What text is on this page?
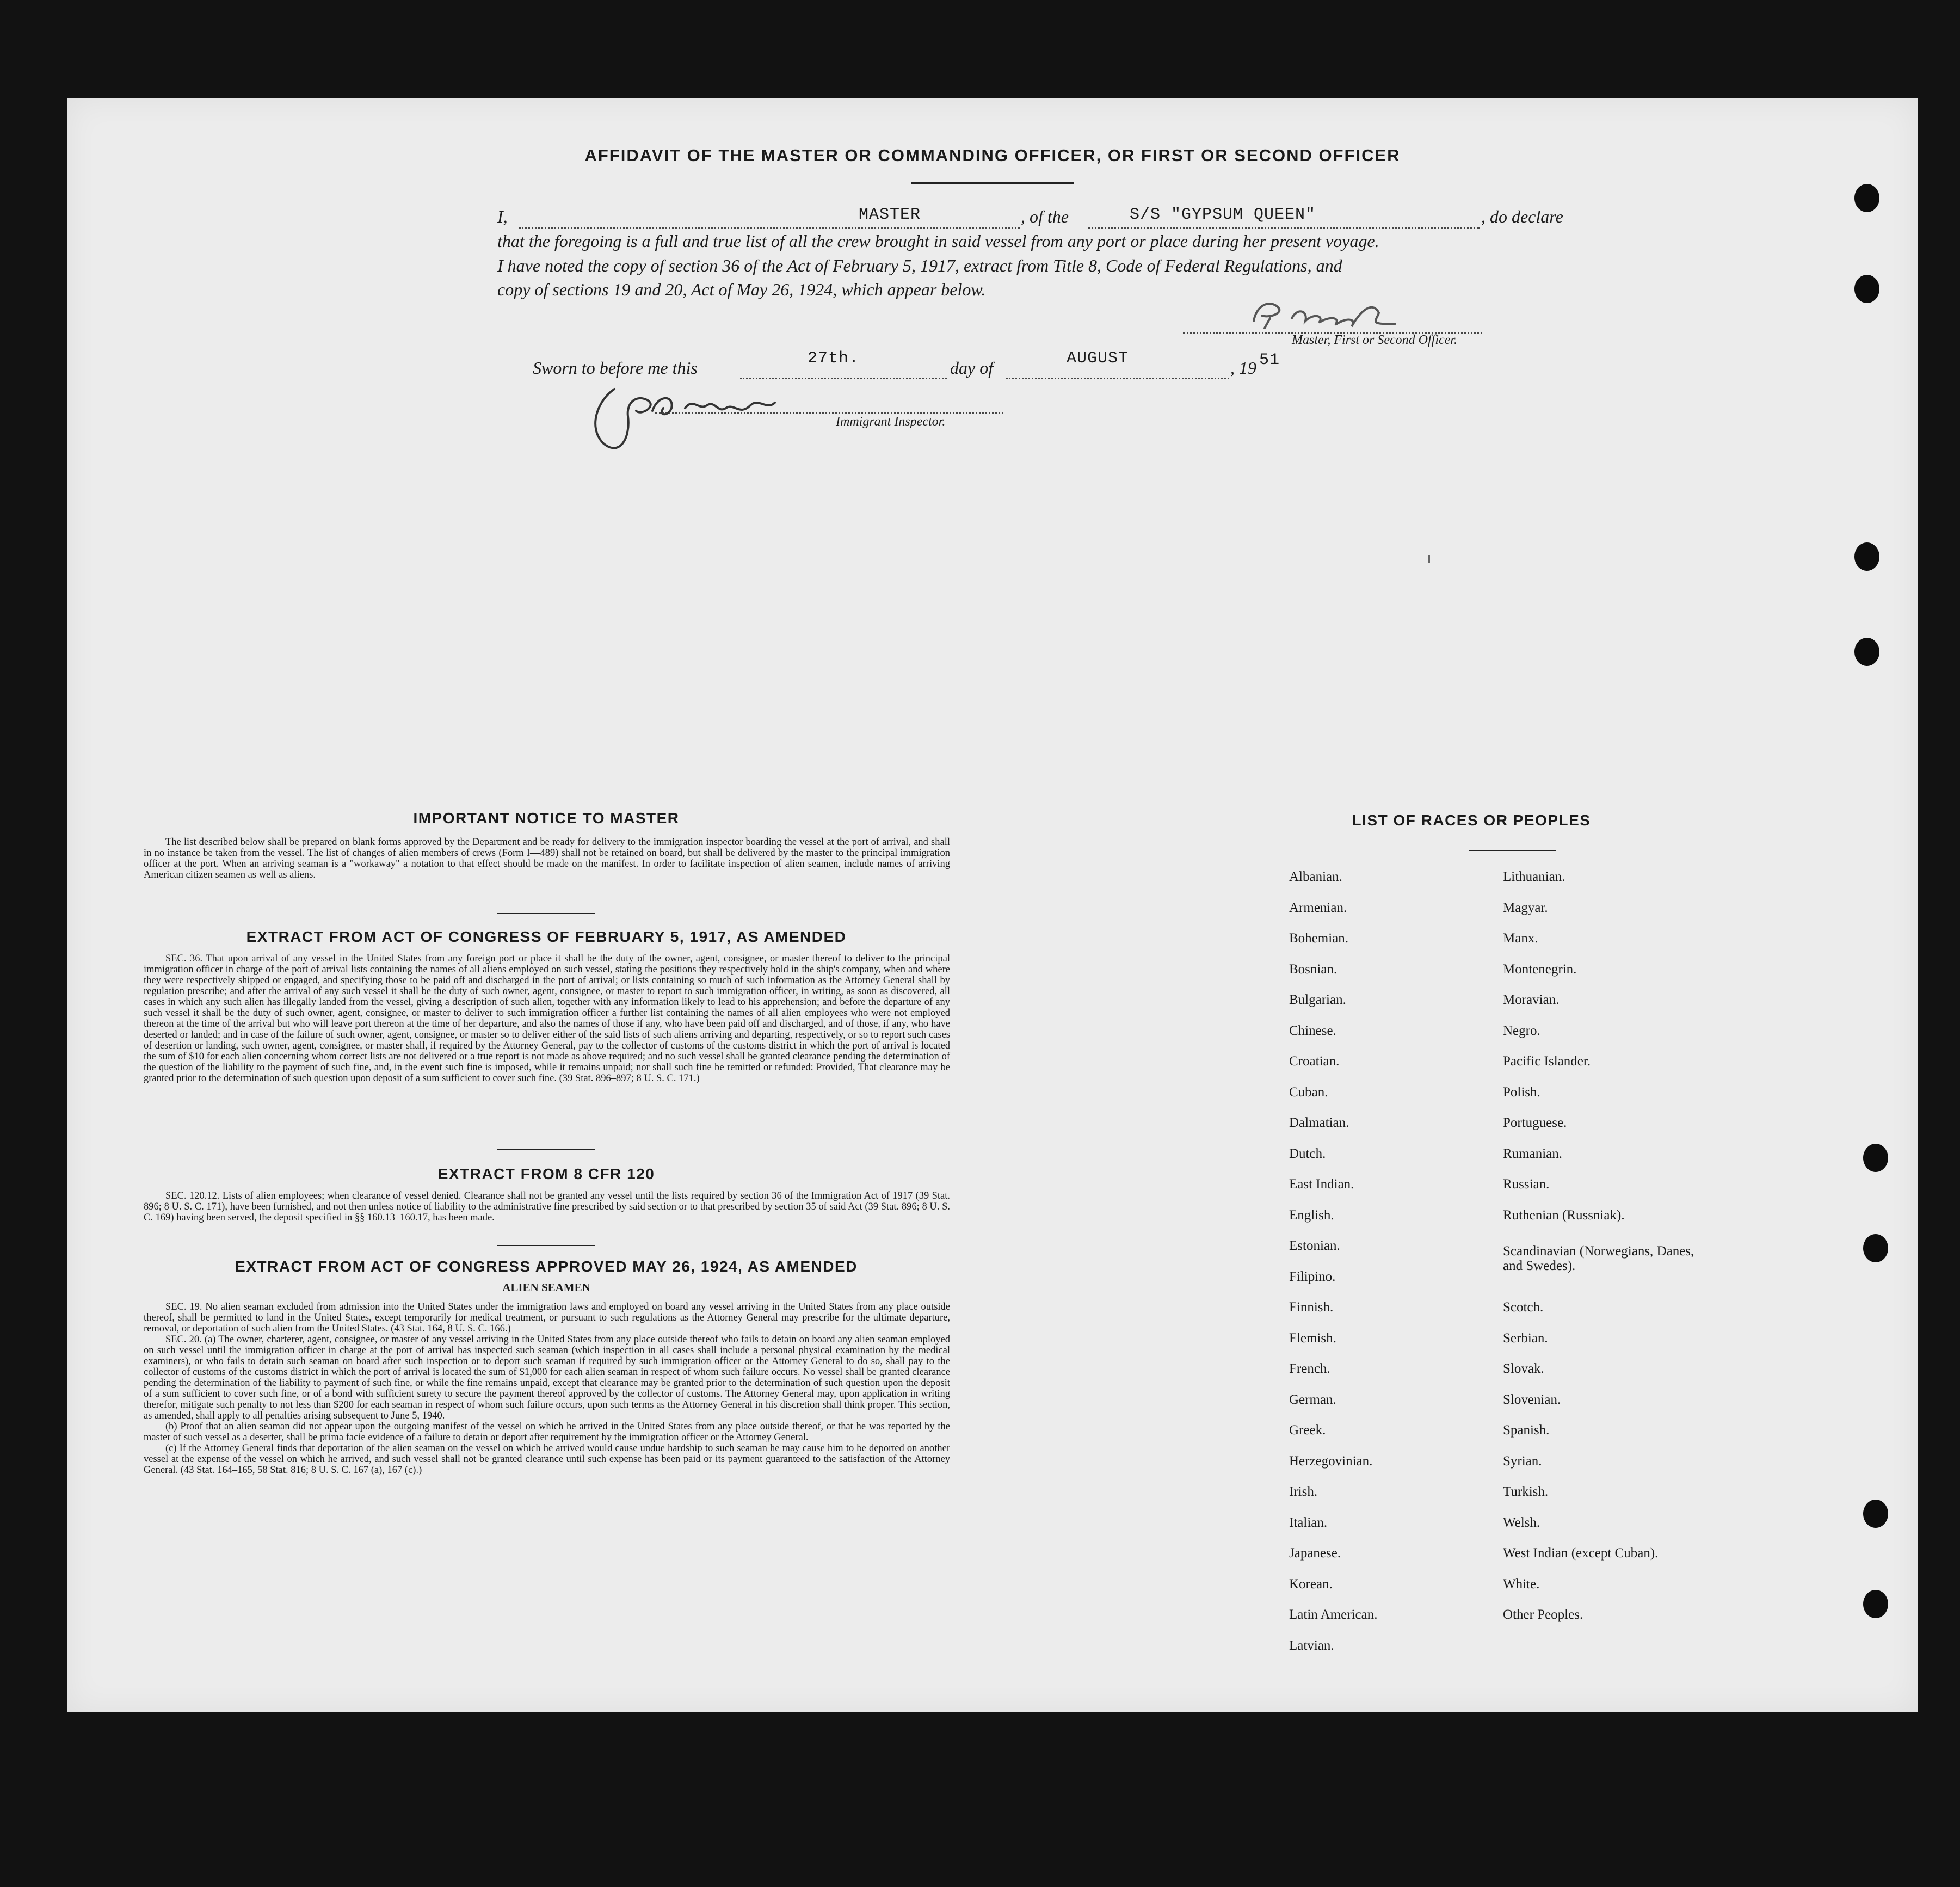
AFFIDAVIT OF THE MASTER OR COMMANDING OFFICER, OR FIRST OR SECOND OFFICER
I,	MASTER	, of the	S/S "GYPSUM QUEEN"	, do declare
that the foregoing is a full and true list of all the crew brought in said vessel from any port or place during her present voyage.
I have noted the copy of section 36 of the Act of February 5, 1917, extract from Title 8, Code of Federal Regulations, and
copy of sections 19 and 20, Act of May 26, 1924, which appear below.
Master, First or Second Officer.
Sworn to before me this	27th.	day of	AUGUST	, 19 51
Immigrant Inspector.
IMPORTANT NOTICE TO MASTER
The list described below shall be prepared on blank forms approved by the Department and be ready for delivery to the immigration inspector boarding the vessel at the port of arrival, and shall in no instance be taken from the vessel. The list of changes of alien members of crews (Form I—489) shall not be retained on board, but shall be delivered by the master to the principal immigration officer at the port. When an arriving seaman is a "workaway" a notation to that effect should be made on the manifest. In order to facilitate inspection of alien seamen, include names of arriving American citizen seamen as well as aliens.
EXTRACT FROM ACT OF CONGRESS OF FEBRUARY 5, 1917, AS AMENDED
SEC. 36. That upon arrival of any vessel in the United States from any foreign port or place it shall be the duty of the owner, agent, consignee, or master thereof to deliver to the principal immigration officer in charge of the port of arrival lists containing the names of all aliens employed on such vessel, stating the positions they respectively hold in the ship's company, when and where they were respectively shipped or engaged, and specifying those to be paid off and discharged in the port of arrival; or lists containing so much of such information as the Attorney General shall by regulation prescribe; and after the arrival of any such vessel it shall be the duty of such owner, agent, consignee, or master to report to such immigration officer, in writing, as soon as discovered, all cases in which any such alien has illegally landed from the vessel, giving a description of such alien, together with any information likely to lead to his apprehension; and before the departure of any such vessel it shall be the duty of such owner, agent, consignee, or master to deliver to such immigration officer a further list containing the names of all alien employees who were not employed thereon at the time of the arrival but who will leave port thereon at the time of her departure, and also the names of those if any, who have been paid off and discharged, and of those, if any, who have deserted or landed; and in case of the failure of such owner, agent, consignee, or master so to deliver either of the said lists of such aliens arriving and departing, respectively, or so to report such cases of desertion or landing, such owner, agent, consignee, or master shall, if required by the Attorney General, pay to the collector of customs of the customs district in which the port of arrival is located the sum of $10 for each alien concerning whom correct lists are not delivered or a true report is not made as above required; and no such vessel shall be granted clearance pending the determination of the question of the liability to the payment of such fine, and, in the event such fine is imposed, while it remains unpaid; nor shall such fine be remitted or refunded: Provided, That clearance may be granted prior to the determination of such question upon deposit of a sum sufficient to cover such fine. (39 Stat. 896–897; 8 U. S. C. 171.)
EXTRACT FROM 8 CFR 120
SEC. 120.12. Lists of alien employees; when clearance of vessel denied. Clearance shall not be granted any vessel until the lists required by section 36 of the Immigration Act of 1917 (39 Stat. 896; 8 U. S. C. 171), have been furnished, and not then unless notice of liability to the administrative fine prescribed by said section or to that prescribed by section 35 of said Act (39 Stat. 896; 8 U. S. C. 169) having been served, the deposit specified in §§ 160.13–160.17, has been made.
EXTRACT FROM ACT OF CONGRESS APPROVED MAY 26, 1924, AS AMENDED
ALIEN SEAMEN

SEC. 19. No alien seaman excluded from admission into the United States under the immigration laws and employed on board any vessel arriving in the United States from any place outside thereof, shall be permitted to land in the United States, except temporarily for medical treatment, or pursuant to such regulations as the Attorney General may prescribe for the ultimate departure, removal, or deportation of such alien from the United States. (43 Stat. 164, 8 U. S. C. 166.)

SEC. 20. (a) The owner, charterer, agent, consignee, or master of any vessel arriving in the United States from any place outside thereof who fails to detain on board any alien seaman employed on such vessel until the immigration officer in charge at the port of arrival has inspected such seaman (which inspection in all cases shall include a personal physical examination by the medical examiners), or who fails to detain such seaman on board after such inspection or to deport such seaman if required by such immigration officer or the Attorney General to do so, shall pay to the collector of customs of the customs district in which the port of arrival is located the sum of $1,000 for each alien seaman in respect of whom such failure occurs. No vessel shall be granted clearance pending the determination of the liability to payment of such fine, or while the fine remains unpaid, except that clearance may be granted prior to the determination of such question upon the deposit of a sum sufficient to cover such fine, or of a bond with sufficient surety to secure the payment thereof approved by the collector of customs. The Attorney General may, upon application in writing therefor, mitigate such penalty to not less than $200 for each seaman in respect of whom such failure occurs, upon such terms as the Attorney General in his discretion shall think proper. This section, as amended, shall apply to all penalties arising subsequent to June 5, 1940.

(b) Proof that an alien seaman did not appear upon the outgoing manifest of the vessel on which he arrived in the United States from any place outside thereof, or that he was reported by the master of such vessel as a deserter, shall be prima facie evidence of a failure to detain or deport after requirement by the immigration officer or the Attorney General.

(c) If the Attorney General finds that deportation of the alien seaman on the vessel on which he arrived would cause undue hardship to such seaman he may cause him to be deported on another vessel at the expense of the vessel on which he arrived, and such vessel shall not be granted clearance until such expense has been paid or its payment guaranteed to the satisfaction of the Attorney General. (43 Stat. 164–165, 58 Stat. 816; 8 U. S. C. 167 (a), 167 (c).)

LIST OF RACES OR PEOPLES
Albanian.
Armenian.
Bohemian.
Bosnian.
Bulgarian.
Chinese.
Croatian.
Cuban.
Dalmatian.
Dutch.
East Indian.
English.
Estonian.
Filipino.
Finnish.
Flemish.
French.
German.
Greek.
Herzegovinian.
Irish.
Italian.
Japanese.
Korean.
Latin American.
Latvian.
Lithuanian.
Magyar.
Manx.
Montenegrin.
Moravian.
Negro.
Pacific Islander.
Polish.
Portuguese.
Rumanian.
Russian.
Ruthenian (Russniak).
Scandinavian (Norwegians, Danes, and Swedes).
Scotch.
Serbian.
Slovak.
Slovenian.
Spanish.
Syrian.
Turkish.
Welsh.
West Indian (except Cuban).
White.
Other Peoples.
